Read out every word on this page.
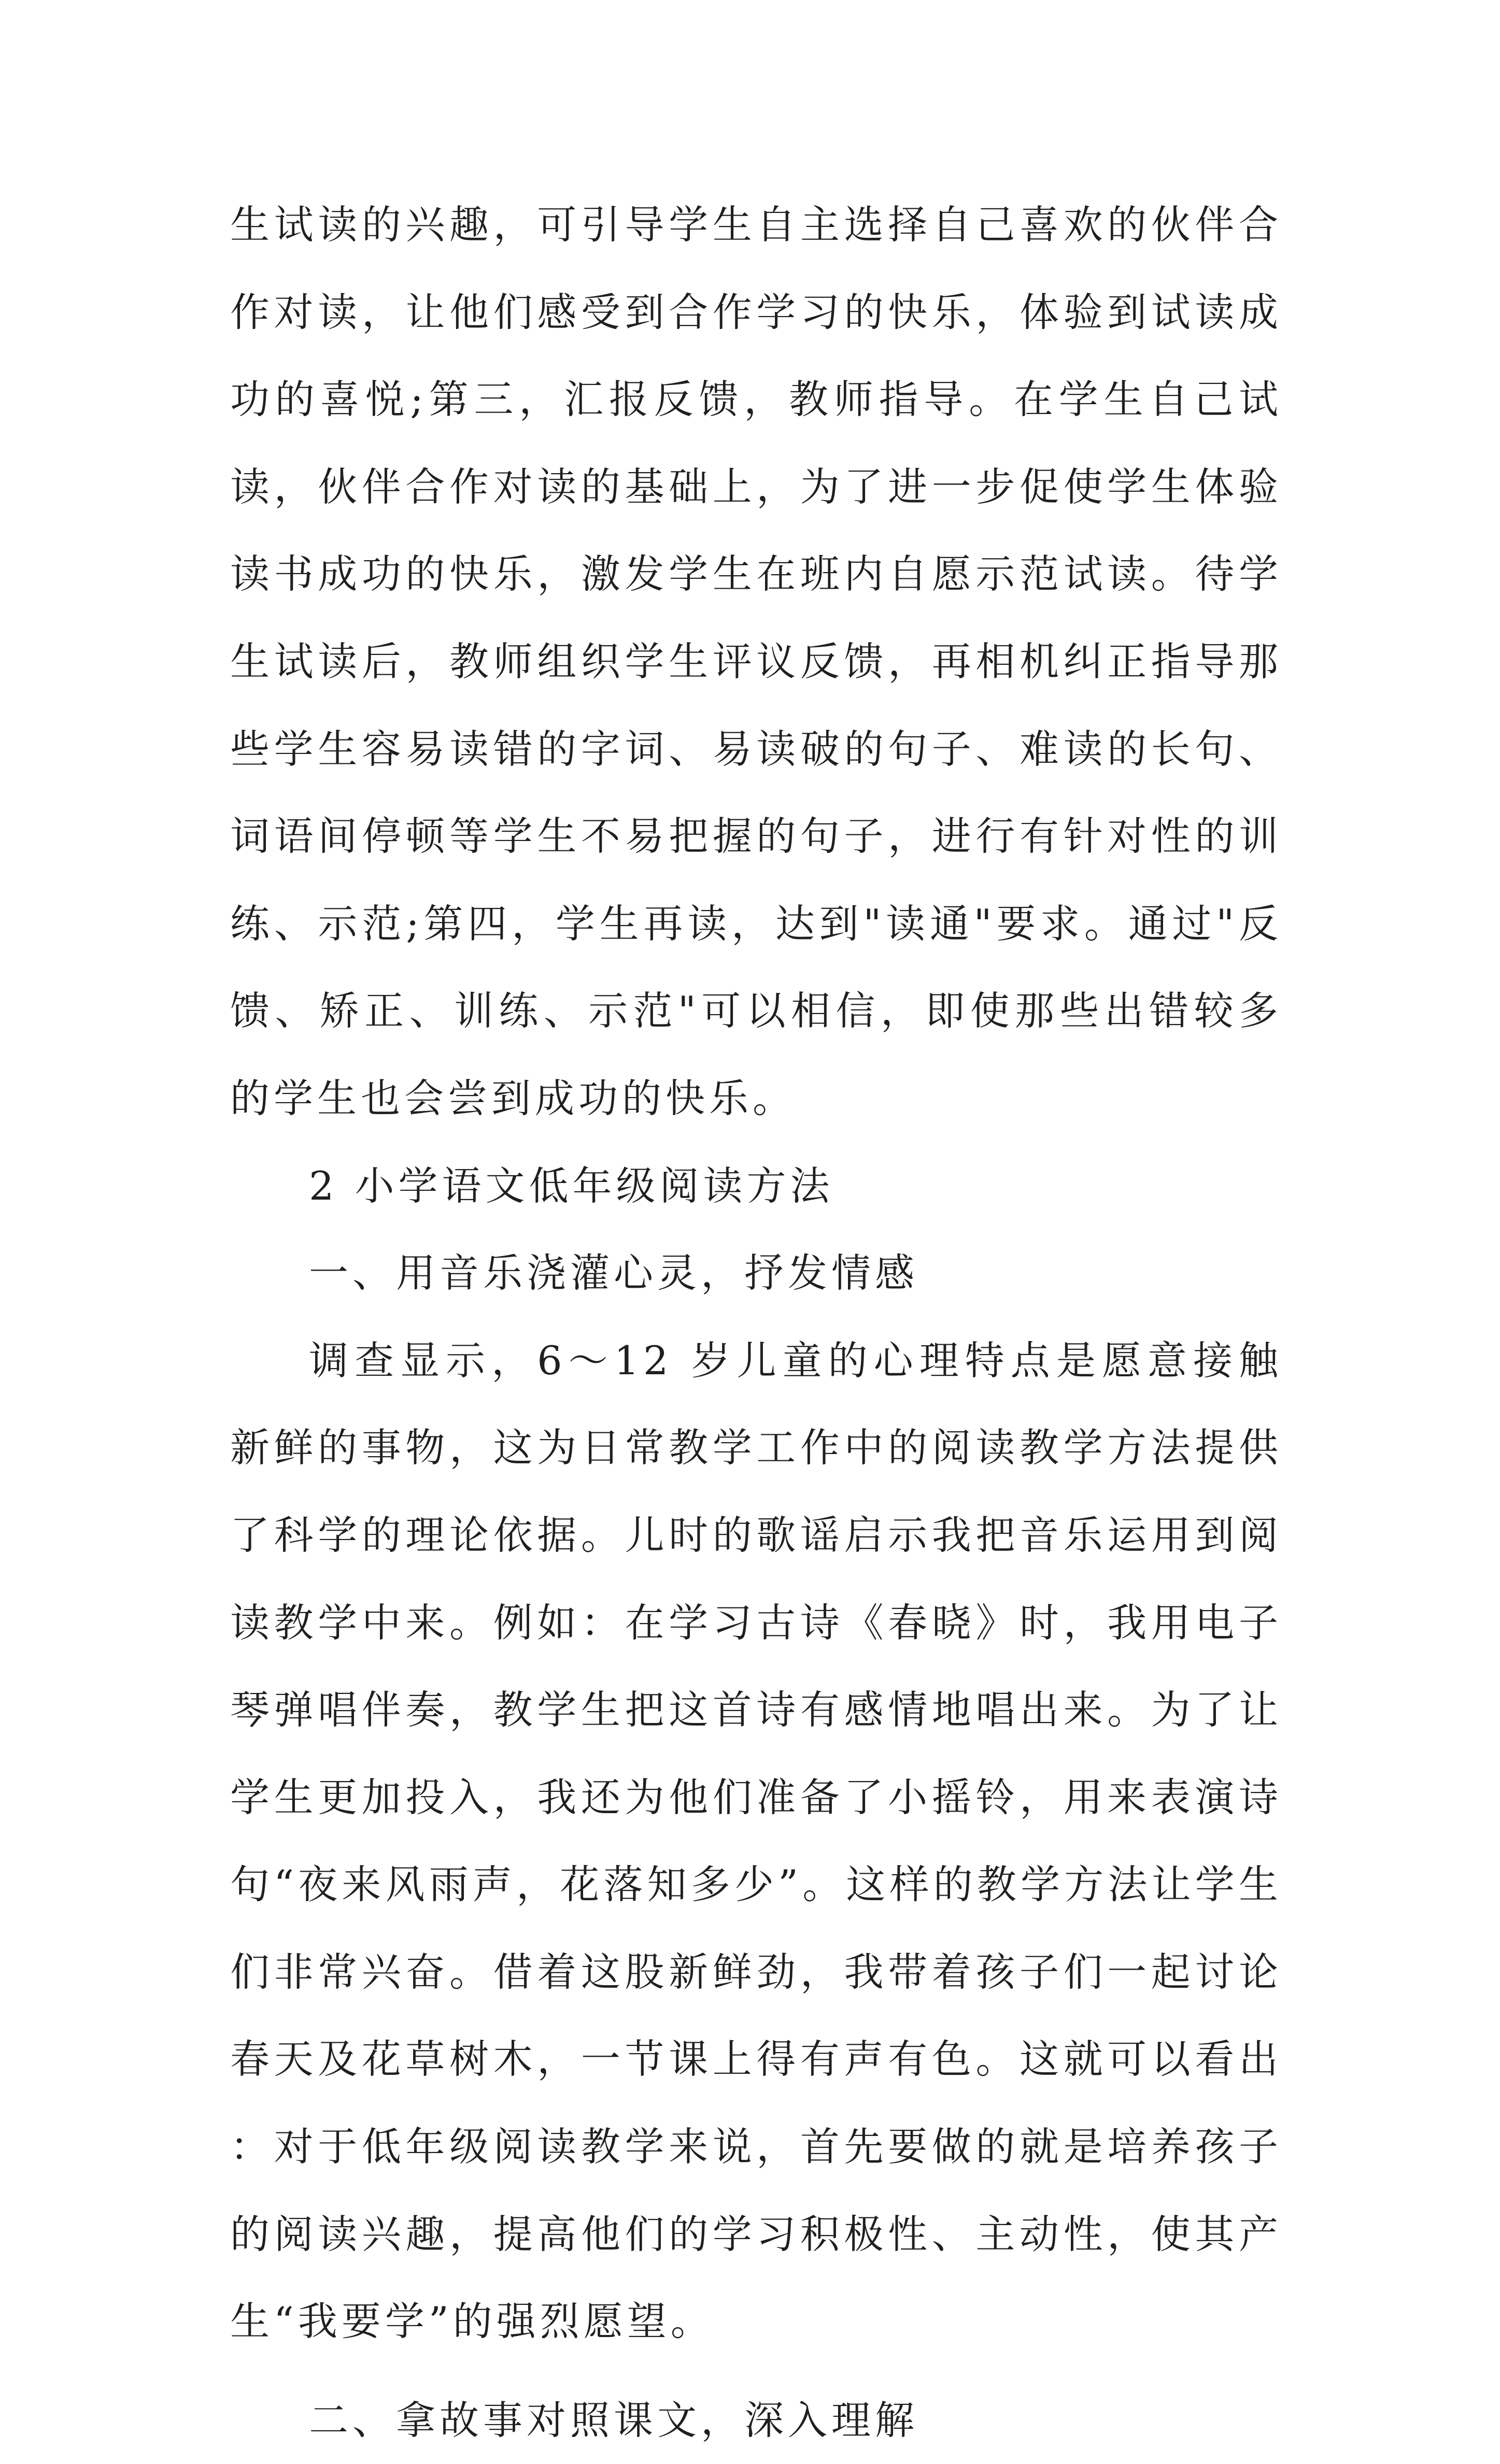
生试读的兴趣，可引导学生自主选择自己喜欢的伙伴合作对读，让他们感受到合作学习的快乐，体验到试读成功的喜悦;第三，汇报反馈，教师指导。在学生自己试读，伙伴合作对读的基础上，为了进一步促使学生体验读书成功的快乐，激发学生在班内自愿示范试读。待学生试读后，教师组织学生评议反馈，再相机纠正指导那些学生容易读错的字词、易读破的句子、难读的长句、词语间停顿等学生不易把握的句子，进行有针对性的训练、示范;第四，学生再读，达到"读通"要求。通过"反馈、矫正、训练、示范"可以相信，即使那些出错较多的学生也会尝到成功的快乐。

2 小学语文低年级阅读方法

一、用音乐浇灌心灵，抒发情感

调查显示，6～12 岁儿童的心理特点是愿意接触新鲜的事物，这为日常教学工作中的阅读教学方法提供了科学的理论依据。儿时的歌谣启示我把音乐运用到阅读教学中来。例如：在学习古诗《春晓》时，我用电子琴弹唱伴奏，教学生把这首诗有感情地唱出来。为了让学生更加投入，我还为他们准备了小摇铃，用来表演诗句“夜来风雨声，花落知多少”。这样的教学方法让学生们非常兴奋。借着这股新鲜劲，我带着孩子们一起讨论春天及花草树木，一节课上得有声有色。这就可以看出：对于低年级阅读教学来说，首先要做的就是培养孩子的阅读兴趣，提高他们的学习积极性、主动性，使其产生“我要学”的强烈愿望。

二、拿故事对照课文，深入理解
